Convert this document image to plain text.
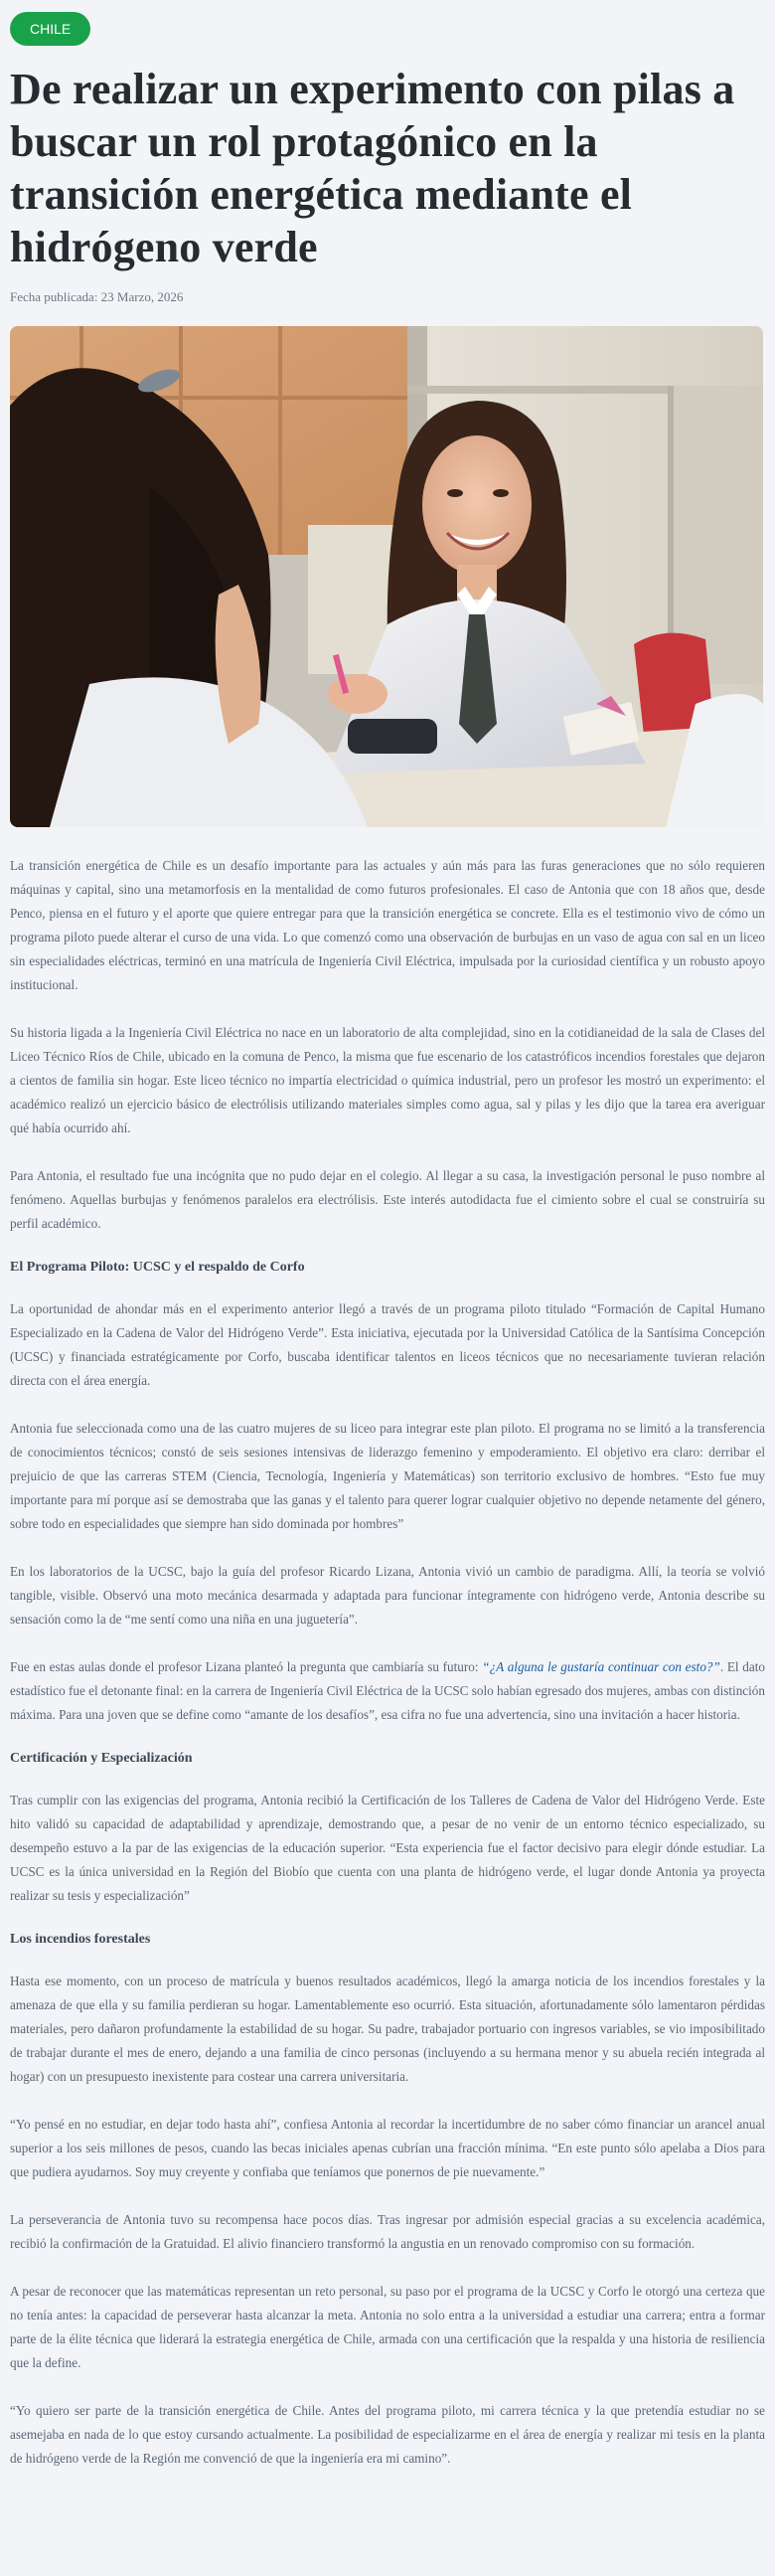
CHILE
De realizar un experimento con pilas a buscar un rol protagónico en la transición energética mediante el hidrógeno verde
Fecha publicada: 23 Marzo, 2026

La transición energética de Chile es un desafío importante para las actuales y aún más para las furas generaciones que no sólo requieren máquinas y capital, sino una metamorfosis en la mentalidad de como futuros profesionales. El caso de Antonia que con 18 años que, desde Penco, piensa en el futuro y el aporte que quiere entregar para que la transición energética se concrete. Ella es el testimonio vivo de cómo un programa piloto puede alterar el curso de una vida. Lo que comenzó como una observación de burbujas en un vaso de agua con sal en un liceo sin especialidades eléctricas, terminó en una matrícula de Ingeniería Civil Eléctrica, impulsada por la curiosidad científica y un robusto apoyo institucional.

Su historia ligada a la Ingeniería Civil Eléctrica no nace en un laboratorio de alta complejidad, sino en la cotidianeidad de la sala de Clases del Liceo Técnico Ríos de Chile, ubicado en la comuna de Penco, la misma que fue escenario de los catastróficos incendios forestales que dejaron a cientos de familia sin hogar. Este liceo técnico no impartía electricidad o química industrial, pero un profesor les mostró un experimento: el académico realizó un ejercicio básico de electrólisis utilizando materiales simples como agua, sal y pilas y les dijo que la tarea era averiguar qué había ocurrido ahí.

Para Antonia, el resultado fue una incógnita que no pudo dejar en el colegio. Al llegar a su casa, la investigación personal le puso nombre al fenómeno. Aquellas burbujas y fenómenos paralelos era electrólisis. Este interés autodidacta fue el cimiento sobre el cual se construiría su perfil académico.

El Programa Piloto: UCSC y el respaldo de Corfo

La oportunidad de ahondar más en el experimento anterior llegó a través de un programa piloto titulado “Formación de Capital Humano Especializado en la Cadena de Valor del Hidrógeno Verde”. Esta iniciativa, ejecutada por la Universidad Católica de la Santísima Concepción (UCSC) y financiada estratégicamente por Corfo, buscaba identificar talentos en liceos técnicos que no necesariamente tuvieran relación directa con el área energía.

Antonia fue seleccionada como una de las cuatro mujeres de su liceo para integrar este plan piloto. El programa no se limitó a la transferencia de conocimientos técnicos; constó de seis sesiones intensivas de liderazgo femenino y empoderamiento. El objetivo era claro: derribar el prejuicio de que las carreras STEM (Ciencia, Tecnología, Ingeniería y Matemáticas) son territorio exclusivo de hombres. “Esto fue muy importante para mí porque así se demostraba que las ganas y el talento para querer lograr cualquier objetivo no depende netamente del género, sobre todo en especialidades que siempre han sido dominada por hombres”

En los laboratorios de la UCSC, bajo la guía del profesor Ricardo Lizana, Antonia vivió un cambio de paradigma. Allí, la teoría se volvió tangible, visible. Observó una moto mecánica desarmada y adaptada para funcionar íntegramente con hidrógeno verde, Antonia describe su sensación como la de “me sentí como una niña en una juguetería”.

Fue en estas aulas donde el profesor Lizana planteó la pregunta que cambiaría su futuro: “¿A alguna le gustaría continuar con esto?”. El dato estadístico fue el detonante final: en la carrera de Ingeniería Civil Eléctrica de la UCSC solo habían egresado dos mujeres, ambas con distinción máxima. Para una joven que se define como “amante de los desafíos”, esa cifra no fue una advertencia, sino una invitación a hacer historia.

Certificación y Especialización

Tras cumplir con las exigencias del programa, Antonia recibió la Certificación de los Talleres de Cadena de Valor del Hidrógeno Verde. Este hito validó su capacidad de adaptabilidad y aprendizaje, demostrando que, a pesar de no venir de un entorno técnico especializado, su desempeño estuvo a la par de las exigencias de la educación superior. “Esta experiencia fue el factor decisivo para elegir dónde estudiar. La UCSC es la única universidad en la Región del Biobío que cuenta con una planta de hidrógeno verde, el lugar donde Antonia ya proyecta realizar su tesis y especialización”

Los incendios forestales

Hasta ese momento, con un proceso de matrícula y buenos resultados académicos, llegó la amarga noticia de los incendios forestales y la amenaza de que ella y su familia perdieran su hogar. Lamentablemente eso ocurrió. Esta situación, afortunadamente sólo lamentaron pérdidas materiales, pero dañaron profundamente la estabilidad de su hogar. Su padre, trabajador portuario con ingresos variables, se vio imposibilitado de trabajar durante el mes de enero, dejando a una familia de cinco personas (incluyendo a su hermana menor y su abuela recién integrada al hogar) con un presupuesto inexistente para costear una carrera universitaria.

“Yo pensé en no estudiar, en dejar todo hasta ahí”, confiesa Antonia al recordar la incertidumbre de no saber cómo financiar un arancel anual superior a los seis millones de pesos, cuando las becas iniciales apenas cubrían una fracción mínima. “En este punto sólo apelaba a Dios para que pudiera ayudarnos. Soy muy creyente y confiaba que teníamos que ponernos de pie nuevamente.”

La perseverancia de Antonia tuvo su recompensa hace pocos días. Tras ingresar por admisión especial gracias a su excelencia académica, recibió la confirmación de la Gratuidad. El alivio financiero transformó la angustia en un renovado compromiso con su formación.

A pesar de reconocer que las matemáticas representan un reto personal, su paso por el programa de la UCSC y Corfo le otorgó una certeza que no tenía antes: la capacidad de perseverar hasta alcanzar la meta. Antonia no solo entra a la universidad a estudiar una carrera; entra a formar parte de la élite técnica que liderará la estrategia energética de Chile, armada con una certificación que la respalda y una historia de resiliencia que la define.

“Yo quiero ser parte de la transición energética de Chile. Antes del programa piloto, mi carrera técnica y la que pretendía estudiar no se asemejaba en nada de lo que estoy cursando actualmente. La posibilidad de especializarme en el área de energía y realizar mi tesis en la planta de hidrógeno verde de la Región me convenció de que la ingeniería era mi camino”.
